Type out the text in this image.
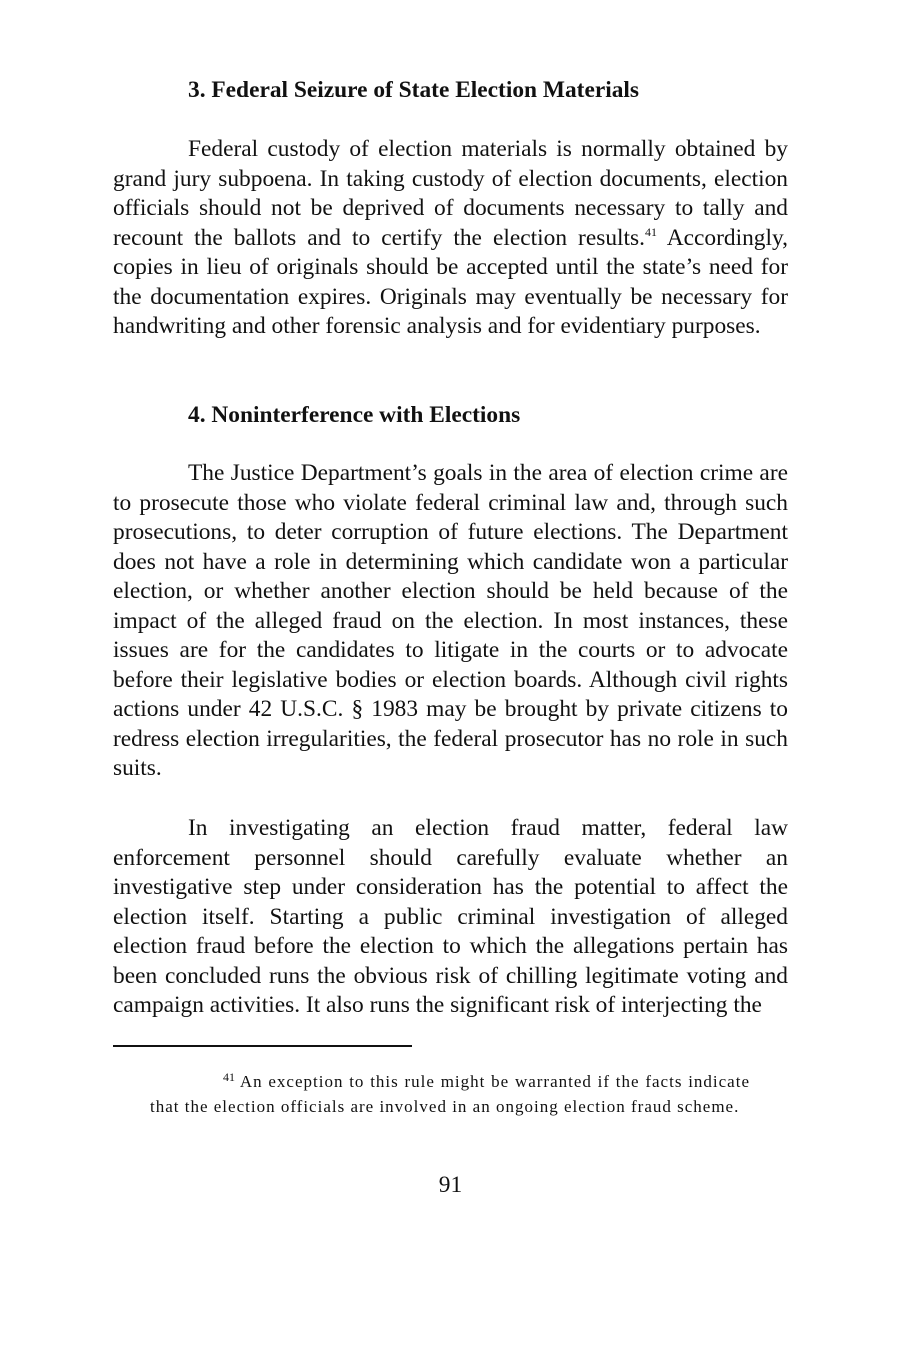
3. Federal Seizure of State Election Materials

Federal custody of election materials is normally obtained by grand jury subpoena. In taking custody of election documents, election officials should not be deprived of documents necessary to tally and recount the ballots and to certify the election results.$^{41}$ Accordingly, copies in lieu of originals should be accepted until the state’s need for the documentation expires. Originals may eventually be necessary for handwriting and other forensic analysis and for evidentiary purposes.

4. Noninterference with Elections

The Justice Department’s goals in the area of election crime are to prosecute those who violate federal criminal law and, through such prosecutions, to deter corruption of future elections. The Department does not have a role in determining which candidate won a particular election, or whether another election should be held because of the impact of the alleged fraud on the election. In most instances, these issues are for the candidates to litigate in the courts or to advocate before their legislative bodies or election boards. Although civil rights actions under 42 U.S.C. § 1983 may be brought by private citizens to redress election irregularities, the federal prosecutor has no role in such suits.

In investigating an election fraud matter, federal law enforcement personnel should carefully evaluate whether an investigative step under consideration has the potential to affect the election itself. Starting a public criminal investigation of alleged election fraud before the election to which the allegations pertain has been concluded runs the obvious risk of chilling legitimate voting and campaign activities. It also runs the significant risk of interjecting the

$^{41}$ An exception to this rule might be warranted if the facts indicate that the election officials are involved in an ongoing election fraud scheme.

91
